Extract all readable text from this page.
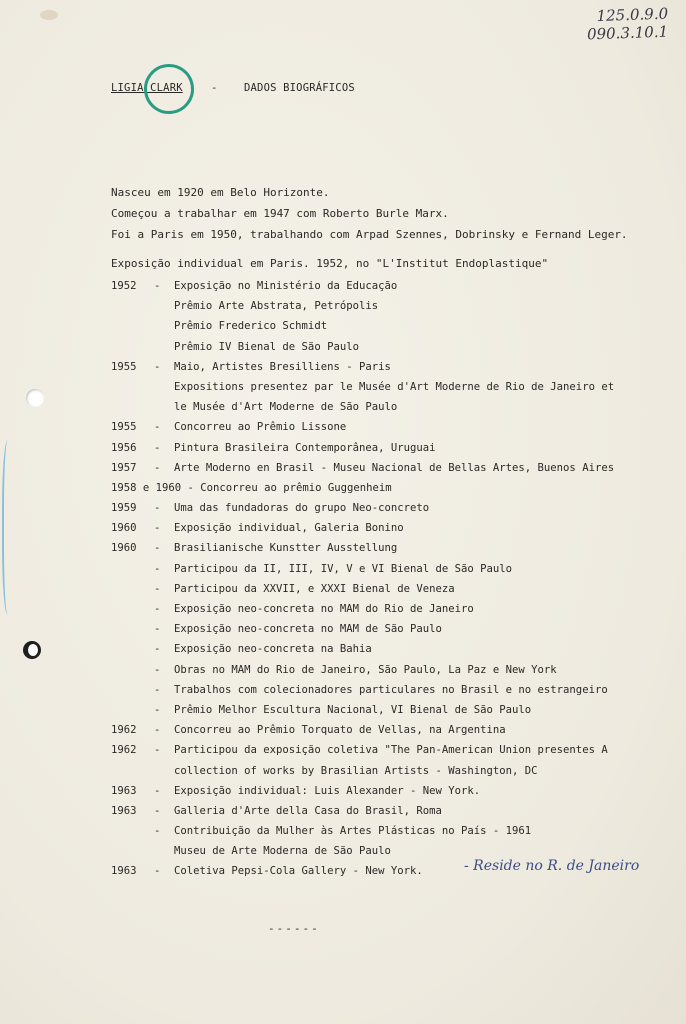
125.0.9.0
090.3.10.1
LIGIA CLARK	-	DADOS BIOGRÁFICOS
Nasceu em 1920 em Belo Horizonte.
Começou a trabalhar em 1947 com Roberto Burle Marx.
Foi a Paris em 1950, trabalhando com Arpad Szennes, Dobrinsky e Fernand Leger.
Exposição individual em Paris. 1952, no "L'Institut Endoplastique"
1952 - Exposição no Ministério da Educação
Prêmio Arte Abstrata, Petrópolis
Prêmio Frederico Schmidt
Prêmio IV Bienal de São Paulo
1955 - Maio, Artistes Bresilliens - Paris
Expositions presentez par le Musée d'Art Moderne de Rio de Janeiro et
le Musée d'Art Moderne de São Paulo
1955 - Concorreu ao Prêmio Lissone
1956 - Pintura Brasileira Contemporânea, Uruguai
1957 - Arte Moderno en Brasil - Museu Nacional de Bellas Artes, Buenos Aires
1958 e 1960 - Concorreu ao prêmio Guggenheim
1959 - Uma das fundadoras do grupo Neo-concreto
1960 - Exposição individual, Galeria Bonino
1960 - Brasilianische Kunstter Ausstellung
- Participou da II, III, IV, V e VI Bienal de São Paulo
- Participou da XXVII, e XXXI Bienal de Veneza
- Exposição neo-concreta no MAM do Rio de Janeiro
- Exposição neo-concreta no MAM de São Paulo
- Exposição neo-concreta na Bahia
- Obras no MAM do Rio de Janeiro, São Paulo, La Paz e New York
- Trabalhos com colecionadores particulares no Brasil e no estrangeiro
- Prêmio Melhor Escultura Nacional, VI Bienal de São Paulo
1962 - Concorreu ao Prêmio Torquato de Vellas, na Argentina
1962 - Participou da exposição coletiva "The Pan-American Union presentes A
collection of works by Brasilian Artists - Washington, DC
1963 - Exposição individual: Luis Alexander - New York.
1963 - Galleria d'Arte della Casa do Brasil, Roma
- Contribuição da Mulher às Artes Plásticas no País - 1961
Museu de Arte Moderna de São Paulo
1963 - Coletiva Pepsi-Cola Gallery - New York.	- Reside no R. de Janeiro
------
